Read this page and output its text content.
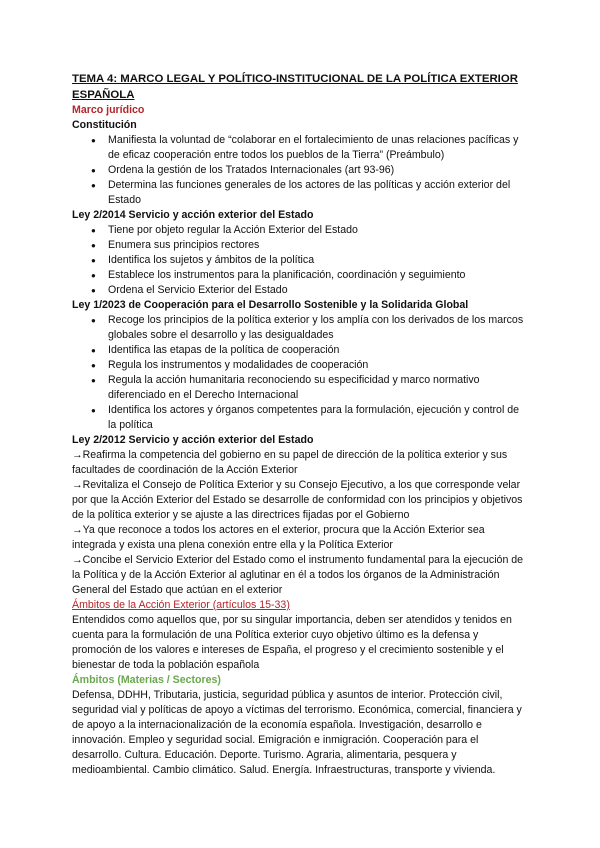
TEMA 4: MARCO LEGAL Y POLÍTICO-INSTITUCIONAL DE LA POLÍTICA EXTERIOR ESPAÑOLA
Marco jurídico
Constitución
● Manifiesta la voluntad de “colaborar en el fortalecimiento de unas relaciones pacíficas y de eficaz cooperación entre todos los pueblos de la Tierra” (Preámbulo)
● Ordena la gestión de los Tratados Internacionales (art 93-96)
● Determina las funciones generales de los actores de las políticas y acción exterior del Estado
Ley 2/2014 Servicio y acción exterior del Estado
● Tiene por objeto regular la Acción Exterior del Estado
● Enumera sus principios rectores
● Identifica los sujetos y ámbitos de la política
● Establece los instrumentos para la planificación, coordinación y seguimiento
● Ordena el Servicio Exterior del Estado
Ley 1/2023 de Cooperación para el Desarrollo Sostenible y la Solidarida Global
● Recoge los principios de la política exterior y los amplía con los derivados de los marcos globales sobre el desarrollo y las desigualdades
● Identifica las etapas de la política de cooperación
● Regula los instrumentos y modalidades de cooperación
● Regula la acción humanitaria reconociendo su especificidad y marco normativo diferenciado en el Derecho Internacional
● Identifica los actores y órganos competentes para la formulación, ejecución y control de la política
Ley 2/2012 Servicio y acción exterior del Estado

→Reafirma la competencia del gobierno en su papel de dirección de la política exterior y sus facultades de coordinación de la Acción Exterior

→Revitaliza el Consejo de Política Exterior y su Consejo Ejecutivo, a los que corresponde velar por que la Acción Exterior del Estado se desarrolle de conformidad con los principios y objetivos de la política exterior y se ajuste a las directrices fijadas por el Gobierno

→Ya que reconoce a todos los actores en el exterior, procura que la Acción Exterior sea integrada y exista una plena conexión entre ella y la Política Exterior

→Concibe el Servicio Exterior del Estado como el instrumento fundamental para la ejecución de la Política y de la Acción Exterior al aglutinar en él a todos los órganos de la Administración General del Estado que actúan en el exterior

Ámbitos de la Acción Exterior (artículos 15-33)

Entendidos como aquellos que, por su singular importancia, deben ser atendidos y tenidos en cuenta para la formulación de una Política exterior cuyo objetivo último es la defensa y promoción de los valores e intereses de España, el progreso y el crecimiento sostenible y el bienestar de toda la población española

Ámbitos (Materias / Sectores)

Defensa, DDHH, Tributaria, justicia, seguridad pública y asuntos de interior. Protección civil, seguridad vial y políticas de apoyo a víctimas del terrorismo. Económica, comercial, financiera y de apoyo a la internacionalización de la economía española. Investigación, desarrollo e innovación. Empleo y seguridad social. Emigración e inmigración. Cooperación para el desarrollo. Cultura. Educación. Deporte. Turismo. Agraria, alimentaria, pesquera y medioambiental. Cambio climático. Salud. Energía. Infraestructuras, transporte y vivienda.
